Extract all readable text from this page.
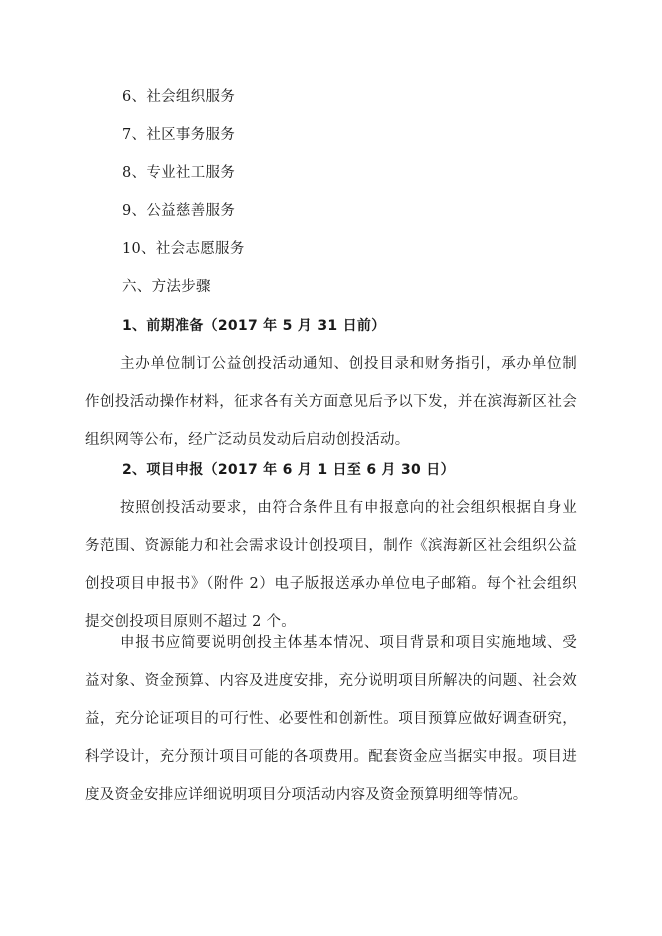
6、社会组织服务
7、社区事务服务
8、专业社工服务
9、公益慈善服务
10、社会志愿服务
六、方法步骤
1、前期准备（2017 年 5 月 31 日前）

主办单位制订公益创投活动通知、创投目录和财务指引，承办单位制作创投活动操作材料，征求各有关方面意见后予以下发，并在滨海新区社会组织网等公布，经广泛动员发动后启动创投活动。

2、项目申报（2017 年 6 月 1 日至 6 月 30 日）

按照创投活动要求，由符合条件且有申报意向的社会组织根据自身业务范围、资源能力和社会需求设计创投项目，制作《滨海新区社会组织公益创投项目申报书》（附件 2）电子版报送承办单位电子邮箱。每个社会组织提交创投项目原则不超过 2 个。

申报书应简要说明创投主体基本情况、项目背景和项目实施地域、受益对象、资金预算、内容及进度安排，充分说明项目所解决的问题、社会效益，充分论证项目的可行性、必要性和创新性。项目预算应做好调查研究，科学设计，充分预计项目可能的各项费用。配套资金应当据实申报。项目进度及资金安排应详细说明项目分项活动内容及资金预算明细等情况。
